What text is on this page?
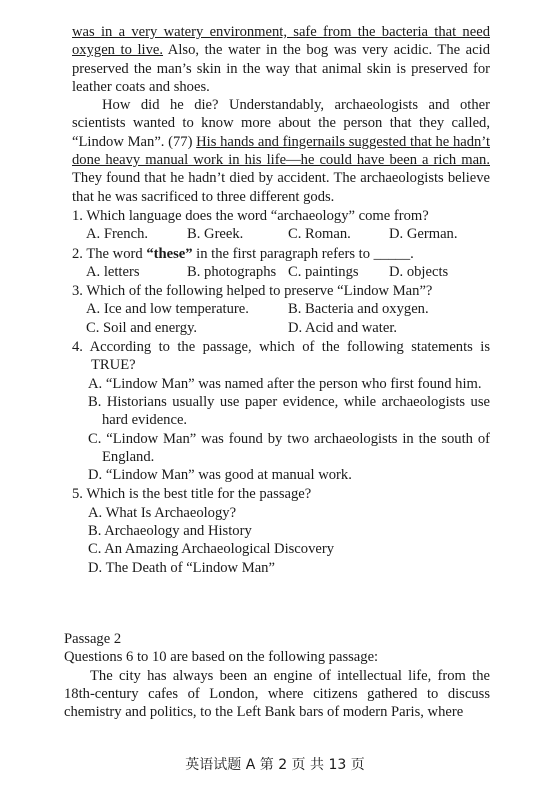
was in a very watery environment, safe from the bacteria that need oxygen to live. Also, the water in the bog was very acidic. The acid preserved the man’s skin in the way that animal skin is preserved for leather coats and shoes.

How did he die? Understandably, archaeologists and other scientists wanted to know more about the person that they called, “Lindow Man”. (77) His hands and fingernails suggested that he hadn’t done heavy manual work in his life—he could have been a rich man. They found that he hadn’t died by accident. The archaeologists believe that he was sacrificed to three different gods.

1. Which language does the word “archaeology” come from?

A. French.	B. Greek.	C. Roman.	D. German.

2. The word “these” in the first paragraph refers to _____.

A. letters	B. photographs C. paintings	D. objects

3. Which of the following helped to preserve “Lindow Man”?

A. Ice and low temperature.	B. Bacteria and oxygen.
C. Soil and energy.	D. Acid and water.

4. According to the passage, which of the following statements is TRUE?

A. “Lindow Man” was named after the person who first found him.

B. Historians usually use paper evidence, while archaeologists use hard evidence.

C. “Lindow Man” was found by two archaeologists in the south of England.

D. “Lindow Man” was good at manual work.

5. Which is the best title for the passage?

A. What Is Archaeology?

B. Archaeology and History

C. An Amazing Archaeological Discovery

D. The Death of “Lindow Man”

Passage 2

Questions 6 to 10 are based on the following passage:

The city has always been an engine of intellectual life, from the 18th-century cafes of London, where citizens gathered to discuss chemistry and politics, to the Left Bank bars of modern Paris, where

英语试题 A 第 2 页 共 13 页
